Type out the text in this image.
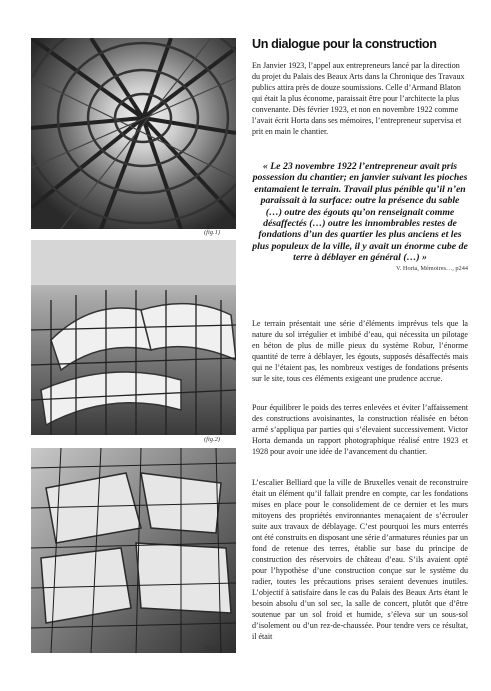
(fig.1)
(fig.2)
(fig.3)
Un dialogue pour la construction

En Janvier 1923, l’appel aux entrepreneurs lancé par la direction du projet du Palais des Beaux Arts dans la Chronique des Travaux publics attira près de douze soumissions. Celle d’Armand Blaton qui était la plus économe, paraissait être pour l’architecte la plus convenante. Dès février 1923, et non en novembre 1922 comme l’avait écrit Horta dans ses mémoires, l’entrepreneur supervisa et prit en main le chantier.

« Le 23 novembre 1922 l’entrepreneur avait pris possession du chantier; en janvier suivant les pioches entamaient le terrain. Travail plus pénible qu’il n’en paraissait à la surface: outre la présence du sable (…) outre des égouts qu’on renseignait comme désaffectés (…) outre les innombrables restes de fondations d’un des quartier les plus anciens et les plus populeux de la ville, il y avait un énorme cube de terre à déblayer en général (…) »

V. Horta, Mémoires…, p244

Le terrain présentait une série d’éléments imprévus tels que la nature du sol irrégulier et imbibé d’eau, qui nécessita un pilotage en béton de plus de mille pieux du système Robur, l’énorme quantité de terre à déblayer, les égouts, supposés désaffectés mais qui ne l’étaient pas, les nombreux vestiges de fondations présents sur le site, tous ces éléments exigeant une prudence accrue.

Pour équilibrer le poids des terres enlevées et éviter l’affaissement des constructions avoisinantes, la construction réalisée en béton armé s’appliqua par parties qui s’élevaient successivement. Victor Horta demanda un rapport photographique réalisé entre 1923 et 1928 pour avoir une idée de l’avancement du chantier.

L’escalier Belliard que la ville de Bruxelles venait de reconstruire était un élément qu’il fallait prendre en compte, car les fondations mises en place pour le consolidement de ce dernier et les murs mitoyens des propriétés environnantes menaçaient de s’écrouler suite aux travaux de déblayage. C’est pourquoi les murs enterrés ont été construits en disposant une série d’armatures réunies par un fond de retenue des terres, établie sur base du principe de construction des réservoirs de château d’eau. S’ils avaient opté pour l’hypothèse d’une construction conçue sur le système du radier, toutes les précautions prises seraient devenues inutiles. L’objectif à satisfaire dans le cas du Palais des Beaux Arts étant le besoin absolu d’un sol sec, la salle de concert, plutôt que d’être soutenue par un sol froid et humide, s’éleva sur un sous-sol d’isolement ou d’un rez-de-chaussée. Pour tendre vers ce résultat, il était
